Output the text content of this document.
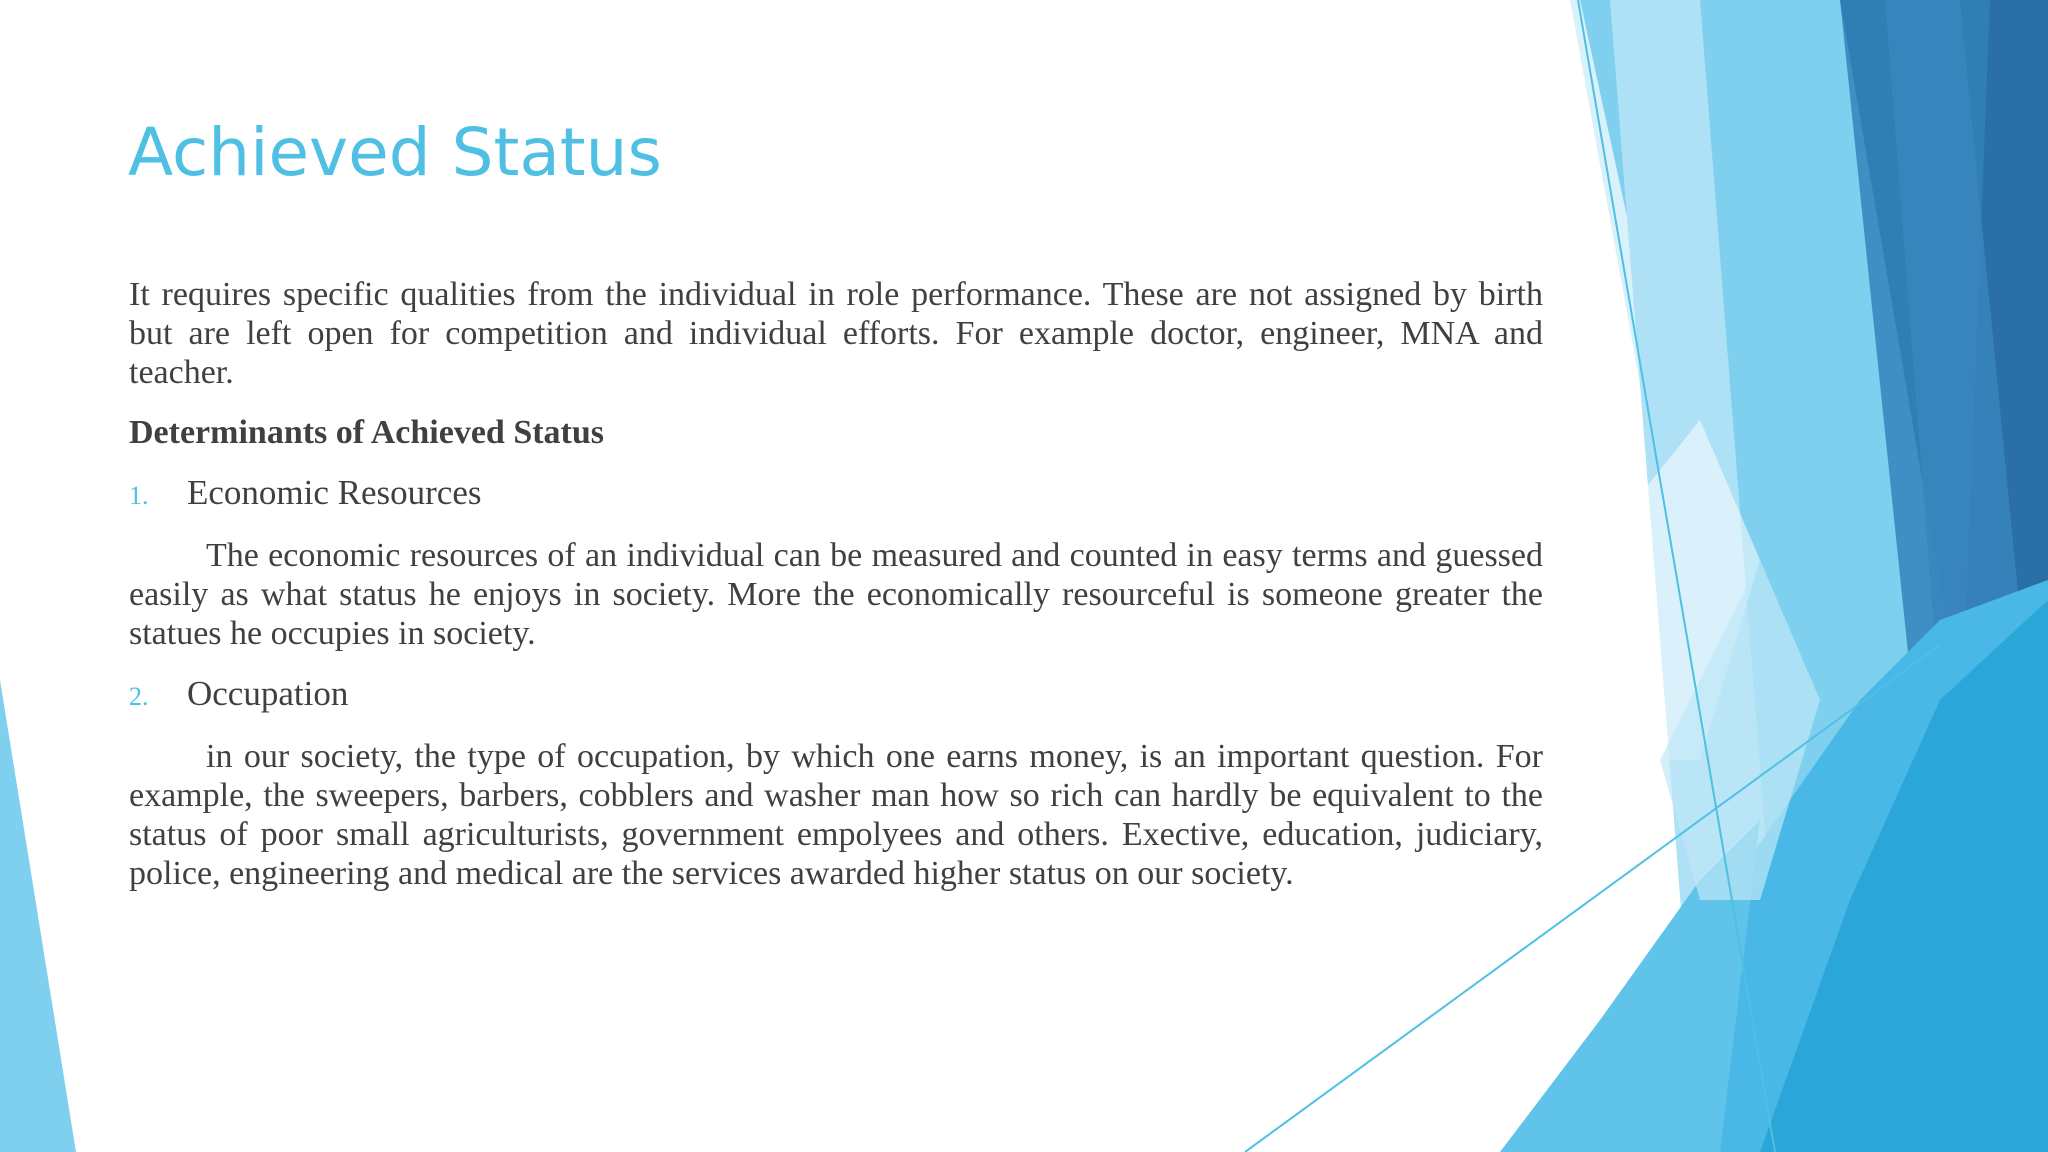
Achieved Status

It requires specific qualities from the individual in role performance. These are not assigned by birth but are left open for competition and individual efforts. For example doctor, engineer, MNA and teacher.

Determinants of Achieved Status

1.	Economic Resources

The economic resources of an individual can be measured and counted in easy terms and guessed easily as what status he enjoys in society. More the economically resourceful is someone greater the statues he occupies in society.

2.	Occupation

in our society, the type of occupation, by which one earns money, is an important question. For example, the sweepers, barbers, cobblers and washer man how so rich can hardly be equivalent to the status of poor small agriculturists, government empolyees and others. Exective, education, judiciary, police, engineering and medical are the services awarded higher status on our society.
